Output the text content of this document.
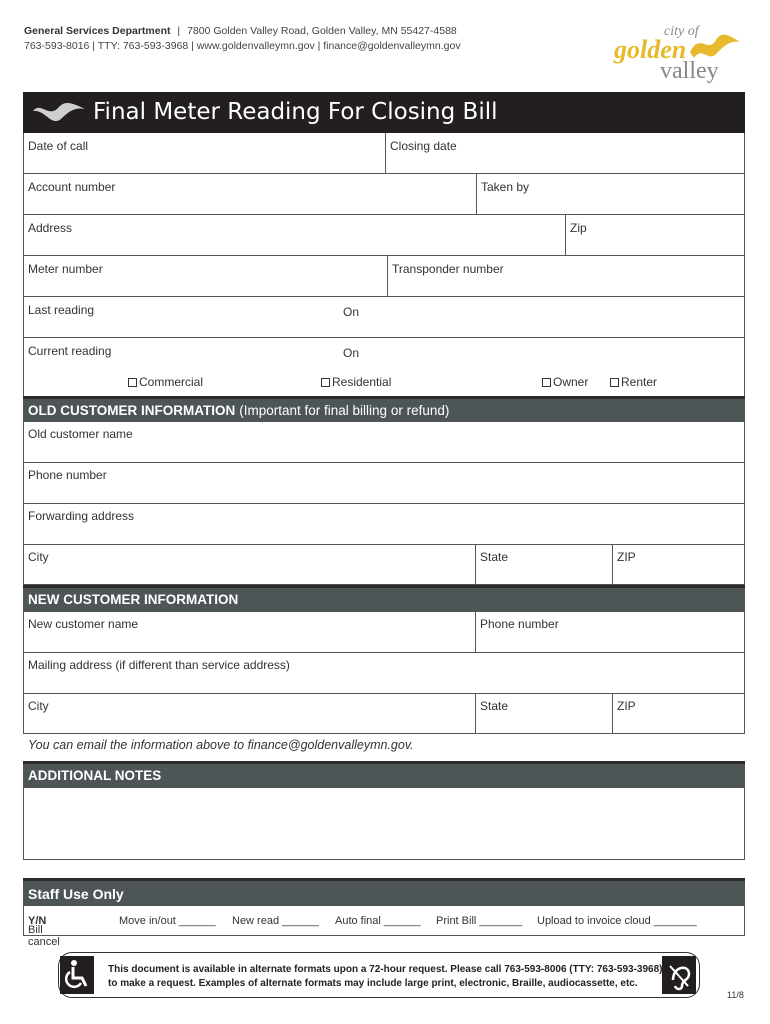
General Services Department | 7800 Golden Valley Road, Golden Valley, MN 55427-4588
763-593-8016 | TTY: 763-593-3968 | www.goldenvalleymn.gov | finance@goldenvalleymn.gov
city of
golden
valley
Final Meter Reading For Closing Bill
Date of call	Closing date
Account number	Taken by
Address	Zip
Meter number	Transponder number
Last reading	On
Current reading	On
Commercial	Residential	Owner	Renter
OLD CUSTOMER INFORMATION (Important for final billing or refund)
Old customer name
Phone number
Forwarding address
City	State	ZIP
NEW CUSTOMER INFORMATION
New customer name	Phone number
Mailing address (if different than service address)
City	State	ZIP
You can email the information above to finance@goldenvalleymn.gov.
ADDITIONAL NOTES
Staff Use Only
Bill cancel
Y/N	Move in/out ______ New read ______ Auto final ______ Print Bill _______ Upload to invoice cloud _______
This document is available in alternate formats upon a 72-hour request. Please call 763-593-8006 (TTY: 763-593-3968)
to make a request. Examples of alternate formats may include large print, electronic, Braille, audiocassette, etc.
11/8
